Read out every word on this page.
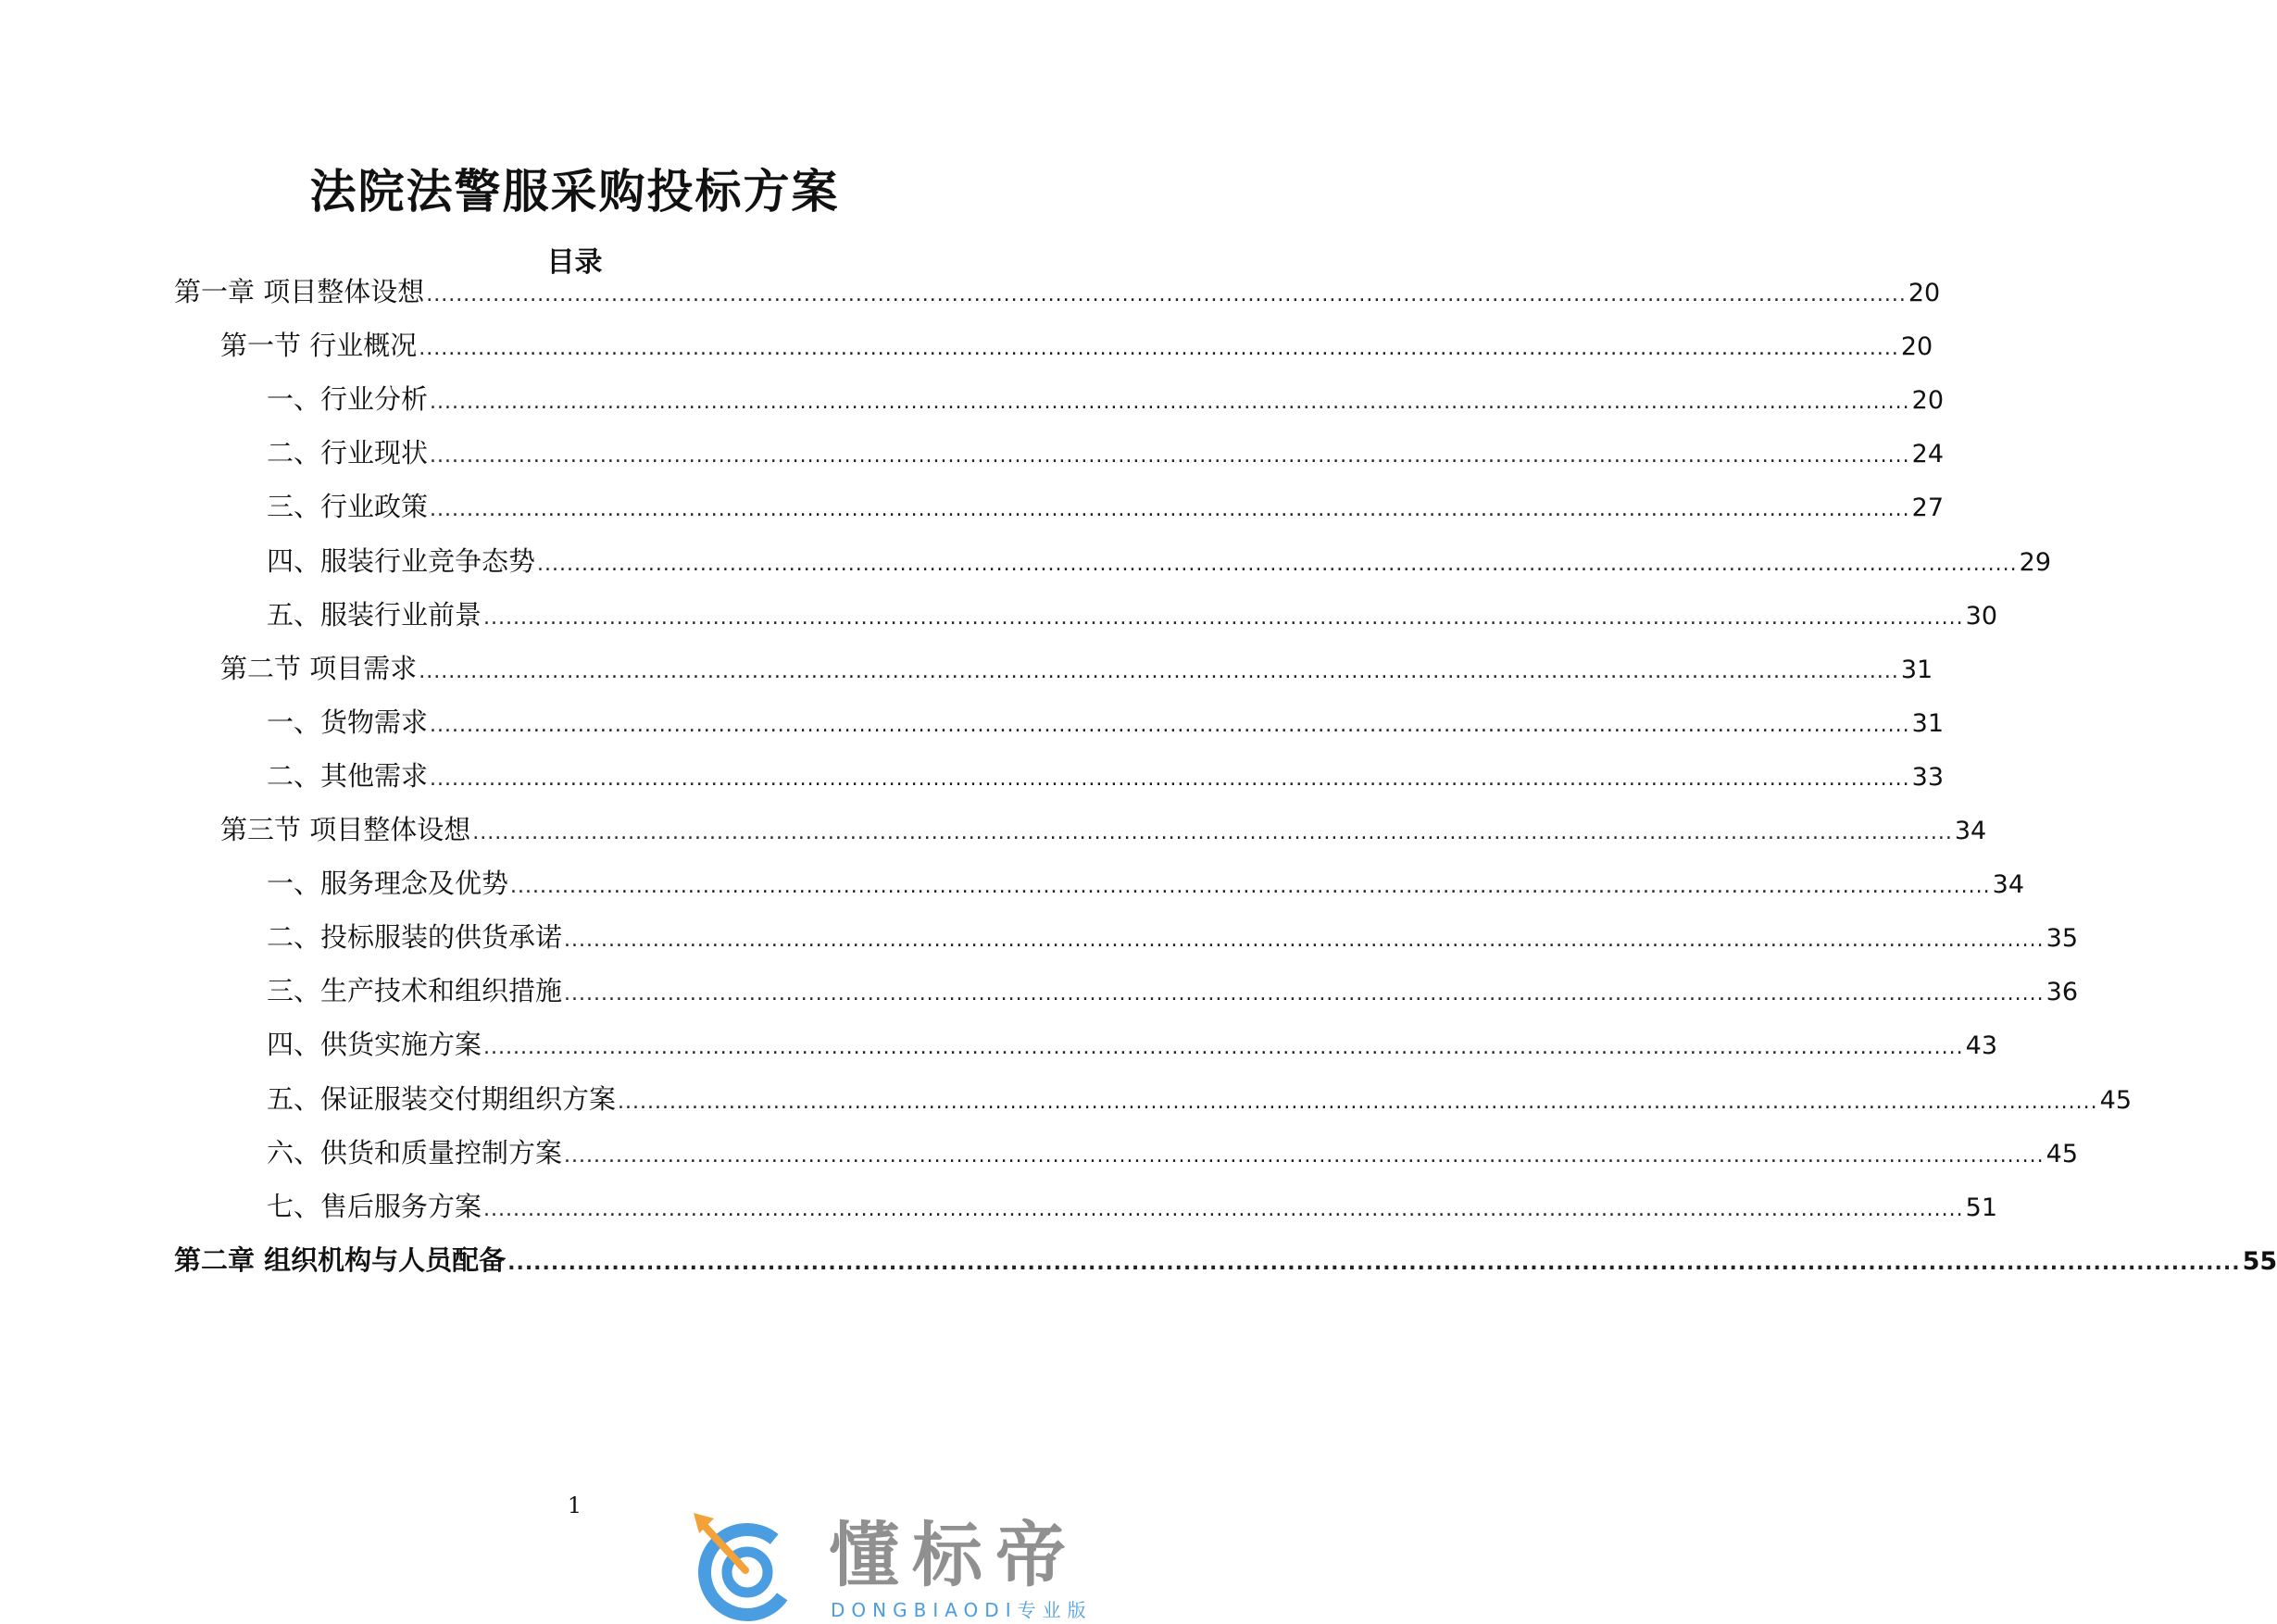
法院法警服采购投标方案
目录
第一章 项目整体设想 ........................................................................................................................................................................................................ 20
第一节 行业概况 ........................................................................................................................................................................................................ 20
一、行业分析 ........................................................................................................................................................................................................ 20
二、行业现状 ........................................................................................................................................................................................................ 24
三、行业政策 ........................................................................................................................................................................................................ 27
四、服装行业竞争态势 ........................................................................................................................................................................................................ 29
五、服装行业前景 ........................................................................................................................................................................................................ 30
第二节 项目需求 ........................................................................................................................................................................................................ 31
一、货物需求 ........................................................................................................................................................................................................ 31
二、其他需求 ........................................................................................................................................................................................................ 33
第三节 项目整体设想 ........................................................................................................................................................................................................ 34
一、服务理念及优势 ........................................................................................................................................................................................................ 34
二、投标服装的供货承诺 ........................................................................................................................................................................................................ 35
三、生产技术和组织措施 ........................................................................................................................................................................................................ 36
四、供货实施方案 ........................................................................................................................................................................................................ 43
五、保证服装交付期组织方案 ........................................................................................................................................................................................................ 45
六、供货和质量控制方案 ........................................................................................................................................................................................................ 45
七、售后服务方案 ........................................................................................................................................................................................................ 51
第二章 组织机构与人员配备 ........................................................................................................................................................................................................ 55
1
懂标帝
DONGBIAODI专业版
